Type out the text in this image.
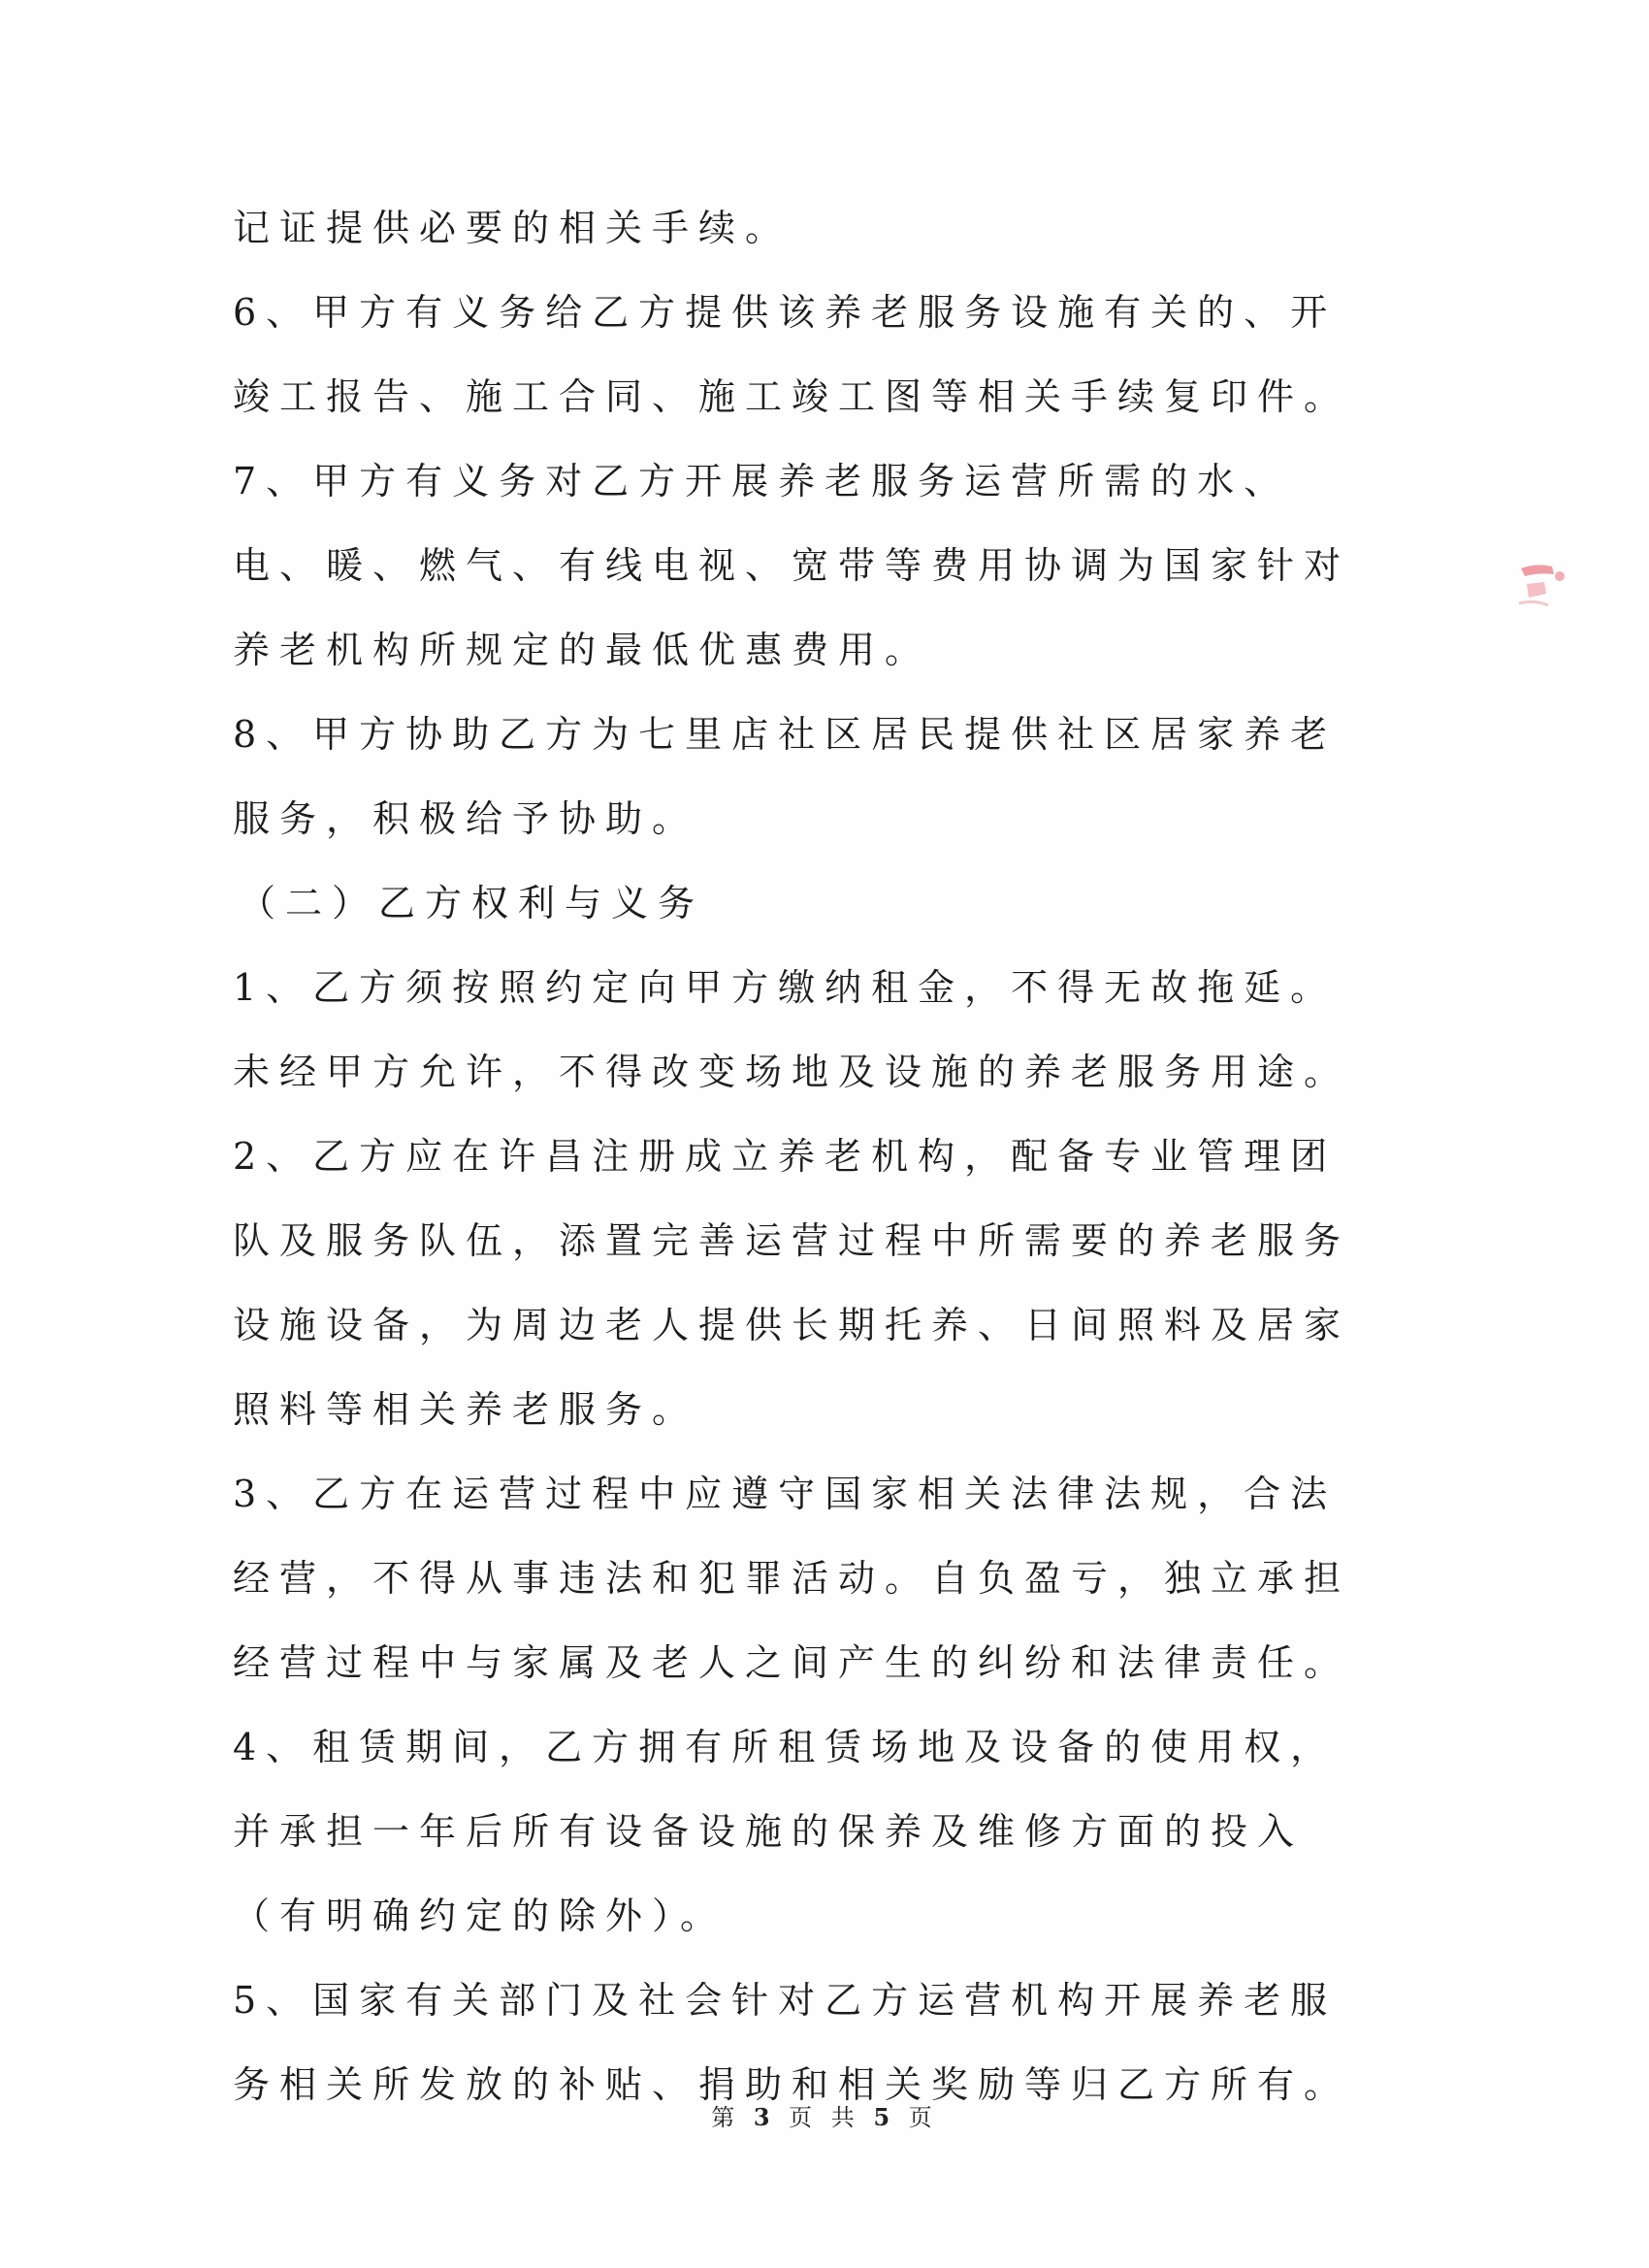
记证提供必要的相关手续。

6、甲方有义务给乙方提供该养老服务设施有关的、开竣工报告、施工合同、施工竣工图等相关手续复印件。

7、甲方有义务对乙方开展养老服务运营所需的水、电、暖、燃气、有线电视、宽带等费用协调为国家针对养老机构所规定的最低优惠费用。

8、甲方协助乙方为七里店社区居民提供社区居家养老服务，积极给予协助。

（二）乙方权利与义务

1、乙方须按照约定向甲方缴纳租金，不得无故拖延。未经甲方允许，不得改变场地及设施的养老服务用途。

2、乙方应在许昌注册成立养老机构，配备专业管理团队及服务队伍，添置完善运营过程中所需要的养老服务设施设备，为周边老人提供长期托养、日间照料及居家照料等相关养老服务。

3、乙方在运营过程中应遵守国家相关法律法规，合法经营，不得从事违法和犯罪活动。自负盈亏，独立承担经营过程中与家属及老人之间产生的纠纷和法律责任。

4、租赁期间，乙方拥有所租赁场地及设备的使用权，并承担一年后所有设备设施的保养及维修方面的投入（有明确约定的除外）。

5、国家有关部门及社会针对乙方运营机构开展养老服务相关所发放的补贴、捐助和相关奖励等归乙方所有。

第 3 页 共 5 页
